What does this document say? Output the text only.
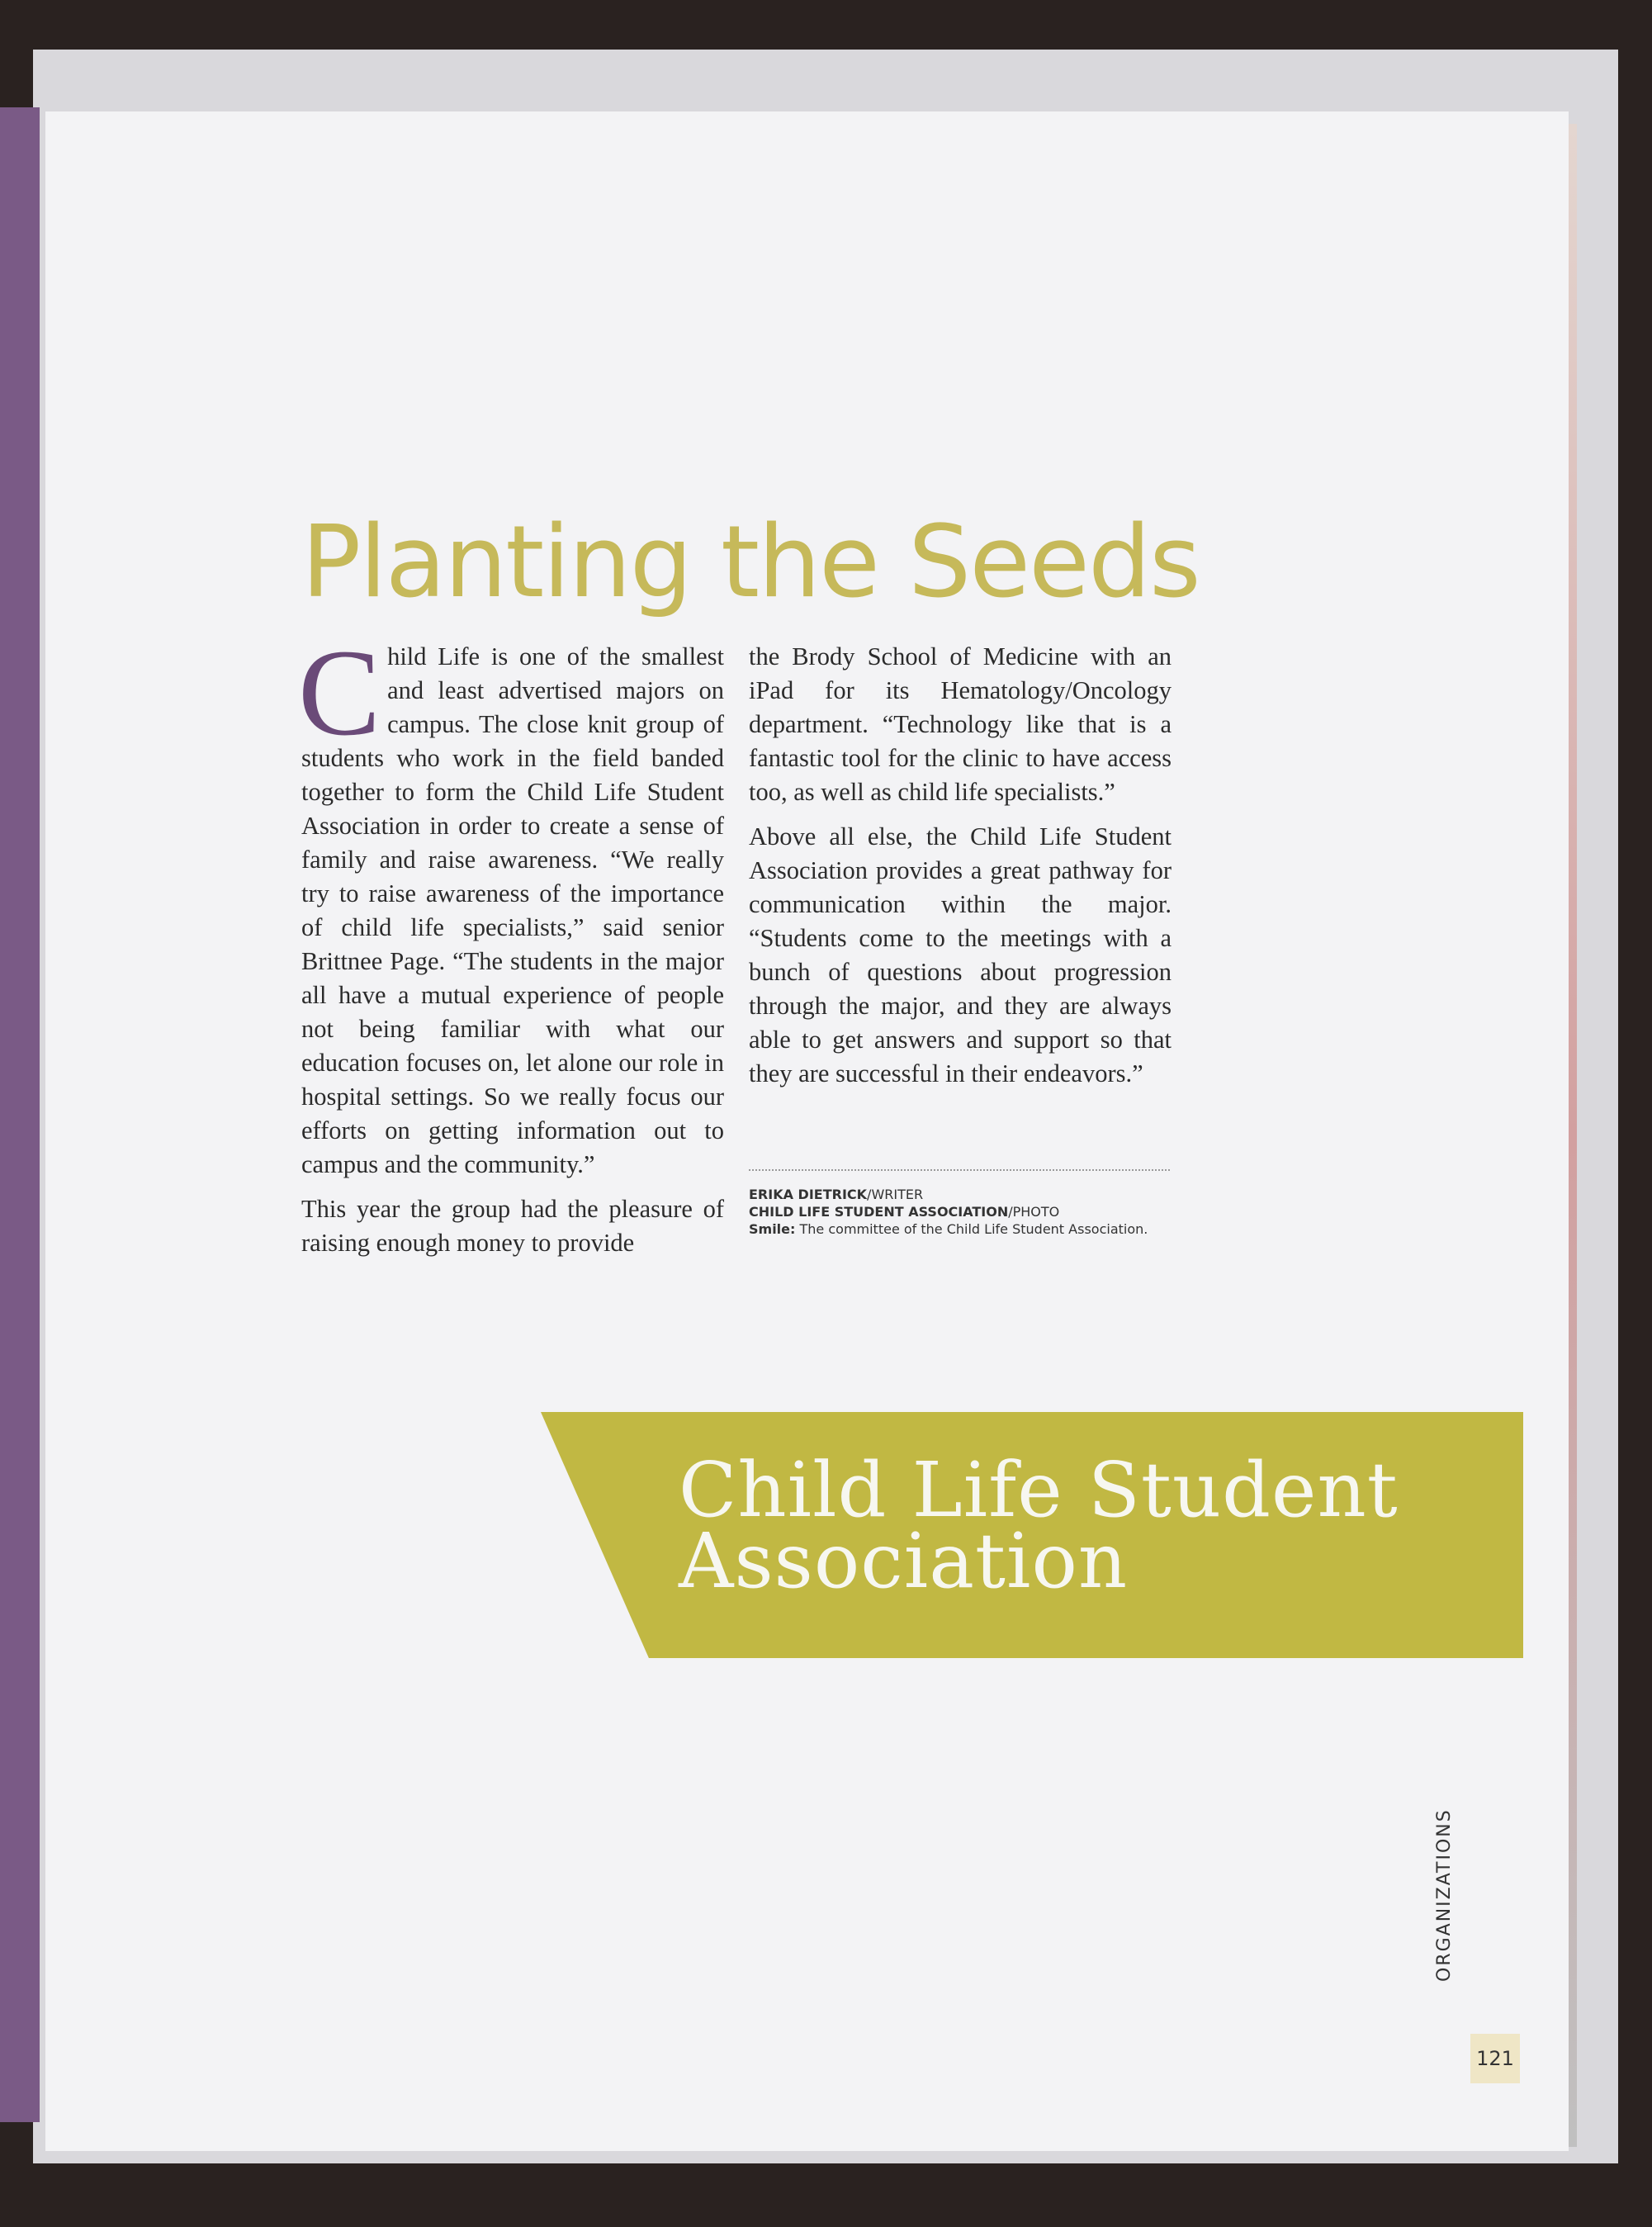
Planting the Seeds

Child Life is one of the smallest and least advertised majors on campus. The close knit group of students who work in the field banded together to form the Child Life Student Association in order to create a sense of family and raise awareness. “We really try to raise awareness of the importance of child life specialists,” said senior Brittnee Page. “The students in the major all have a mutual experience of people not being familiar with what our education focuses on, let alone our role in hospital settings. So we really focus our efforts on getting information out to campus and the community.”

This year the group had the pleasure of raising enough money to provide

the Brody School of Medicine with an iPad for its Hematology/Oncology department. “Technology like that is a fantastic tool for the clinic to have access too, as well as child life specialists.”

Above all else, the Child Life Student Association provides a great pathway for communication within the major. “Students come to the meetings with a bunch of questions about progression through the major, and they are always able to get answers and support so that they are successful in their endeavors.”

ERIKA DIETRICK/WRITER
CHILD LIFE STUDENT ASSOCIATION/PHOTO
Smile: The committee of the Child Life Student Association.
Child Life Student
Association
ORGANIZATIONS
121
